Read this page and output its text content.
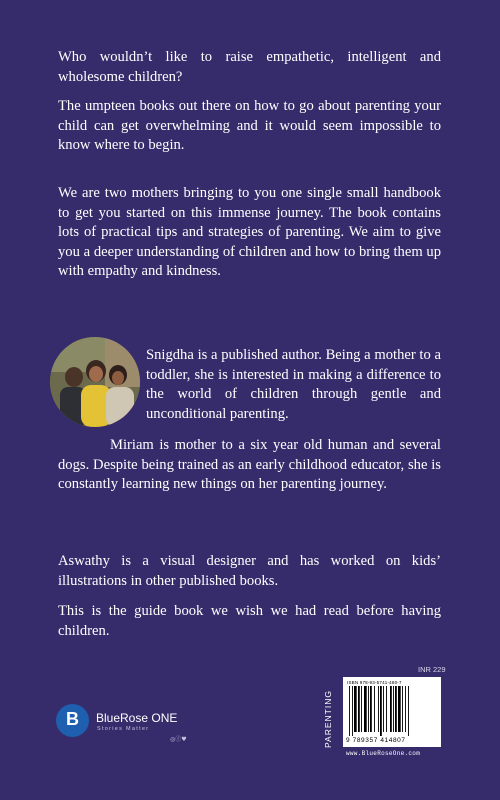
Who wouldn’t like to raise empathetic, intelligent and wholesome children?

The umpteen books out there on how to go about parenting your child can get overwhelming and it would seem impossible to know where to begin.

We are two mothers bringing to you one single small handbook to get you started on this immense journey. The book contains lots of practical tips and strategies of parenting. We aim to give you a deeper understanding of children and how to bring them up with empathy and kindness.

Snigdha is a published author. Being a mother to a toddler, she is interested in making a difference to the world of children through gentle and unconditional parenting.

Miriam is mother to a six year old human and several dogs. Despite being trained as an early childhood educator, she is constantly learning new things on her parenting journey.

Aswathy is a visual designer and has worked on kids’ illustrations in other published books.

This is the guide book we wish we had read before having children.

B	BlueRose ONE
Stories Matter
◎ⓕ♥	PARENTING
INR 229
ISBN 978-93-5741-480-7
9 789357 414807
www.BlueRoseOne.com
